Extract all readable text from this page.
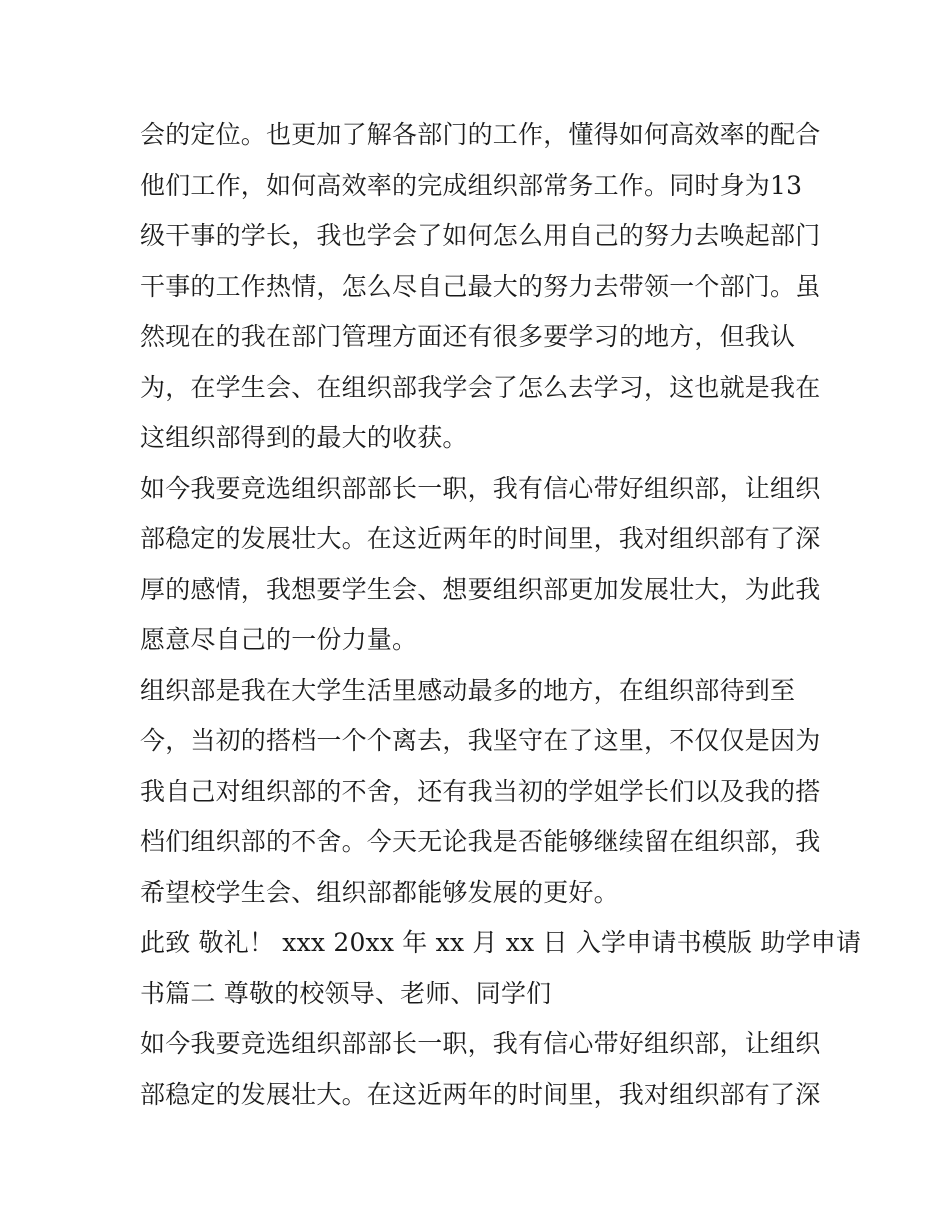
会的定位。也更加了解各部门的工作，懂得如何高效率的配合
他们工作，如何高效率的完成组织部常务工作。同时身为13
级干事的学长，我也学会了如何怎么用自己的努力去唤起部门
干事的工作热情，怎么尽自己最大的努力去带领一个部门。虽
然现在的我在部门管理方面还有很多要学习的地方，但我认
为，在学生会、在组织部我学会了怎么去学习，这也就是我在
这组织部得到的最大的收获。
如今我要竞选组织部部长一职，我有信心带好组织部，让组织
部稳定的发展壮大。在这近两年的时间里，我对组织部有了深
厚的感情，我想要学生会、想要组织部更加发展壮大，为此我
愿意尽自己的一份力量。
组织部是我在大学生活里感动最多的地方，在组织部待到至
今，当初的搭档一个个离去，我坚守在了这里，不仅仅是因为
我自己对组织部的不舍，还有我当初的学姐学长们以及我的搭
档们组织部的不舍。今天无论我是否能够继续留在组织部，我
希望校学生会、组织部都能够发展的更好。
此致 敬礼！ xxx 20xx 年 xx 月 xx 日 入学申请书模版 助学申请
书篇二 尊敬的校领导、老师、同学们
如今我要竞选组织部部长一职，我有信心带好组织部，让组织
部稳定的发展壮大。在这近两年的时间里，我对组织部有了深
